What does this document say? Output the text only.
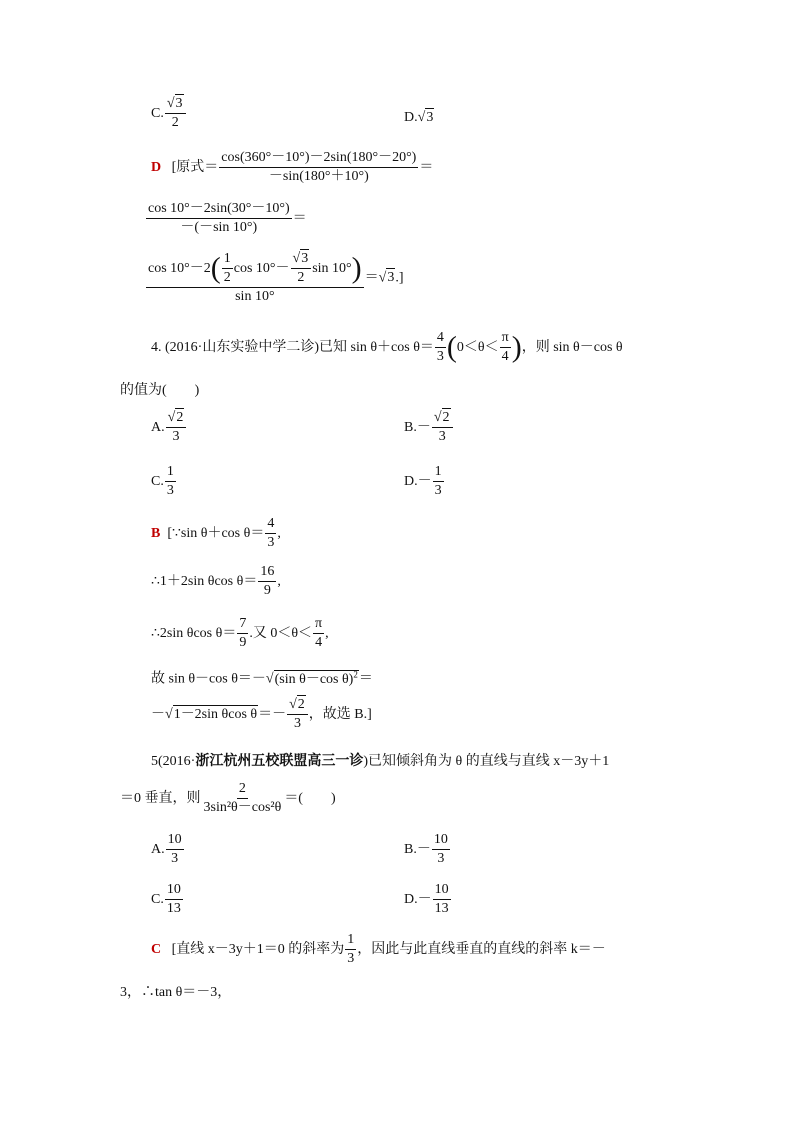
C. $\frac{√3}{2}$	D.√3
D [原式＝ $\frac{\cos(360^\circ-10^\circ)-2\sin(180^\circ-20^\circ)}{-\sin(180^\circ+10^\circ)}$ ＝
$\frac{\cos 10^\circ-2\sin(30^\circ-10^\circ)}{-(-\sin 10^\circ)}$ ＝
$\frac{\cos 10^\circ-2( \frac{1}{2} \cos 10^\circ- \frac{√3}{2} \sin 10^\circ)}{\sin 10^\circ} =√3$.]
4. (2016·山东实验中学二诊)已知 sin θ＋cos $\theta= \frac{4}{3} (0<\theta< \frac{\pi}{4}$ )，则 sin θ－cos θ
的值为(　　)
A. $\frac{√2}{3}$	$B.- \frac{√2}{3}$
C. $\frac{1}{3}$	$D.- \frac{1}{3}$
B [∵sin θ＋cos $\theta= \frac{4}{3}$ ,
∴1＋2sin θcos $\theta= \frac{16}{9}$ ,
∴2sin θcos $\theta= \frac{7}{9}$ .又 $0<\theta< \frac{\pi}{4}$ ,
故 sin θ－cos θ＝－√(sin θ－cos θ)$^2$＝
－√1－2sin θcos $\theta=- \frac{√2}{3}$ ，故选 B.]
5(2016·浙江杭州五校联盟高三一诊)已知倾斜角为 θ 的直线与直线 x－3y＋1
＝0 垂直，则 $\frac{2}{\text{3sin²θ－cos²θ}}$ ＝(　　)
A. $\frac{10}{3}$	$B.- \frac{10}{3}$
C. $\frac{10}{13}$	$D.- \frac{10}{13}$
C [直线 x－3y＋1＝0 的斜率为 $\frac{1}{3}$ ，因此与此直线垂直的直线的斜率 k＝－
3，∴tan θ＝－3，
